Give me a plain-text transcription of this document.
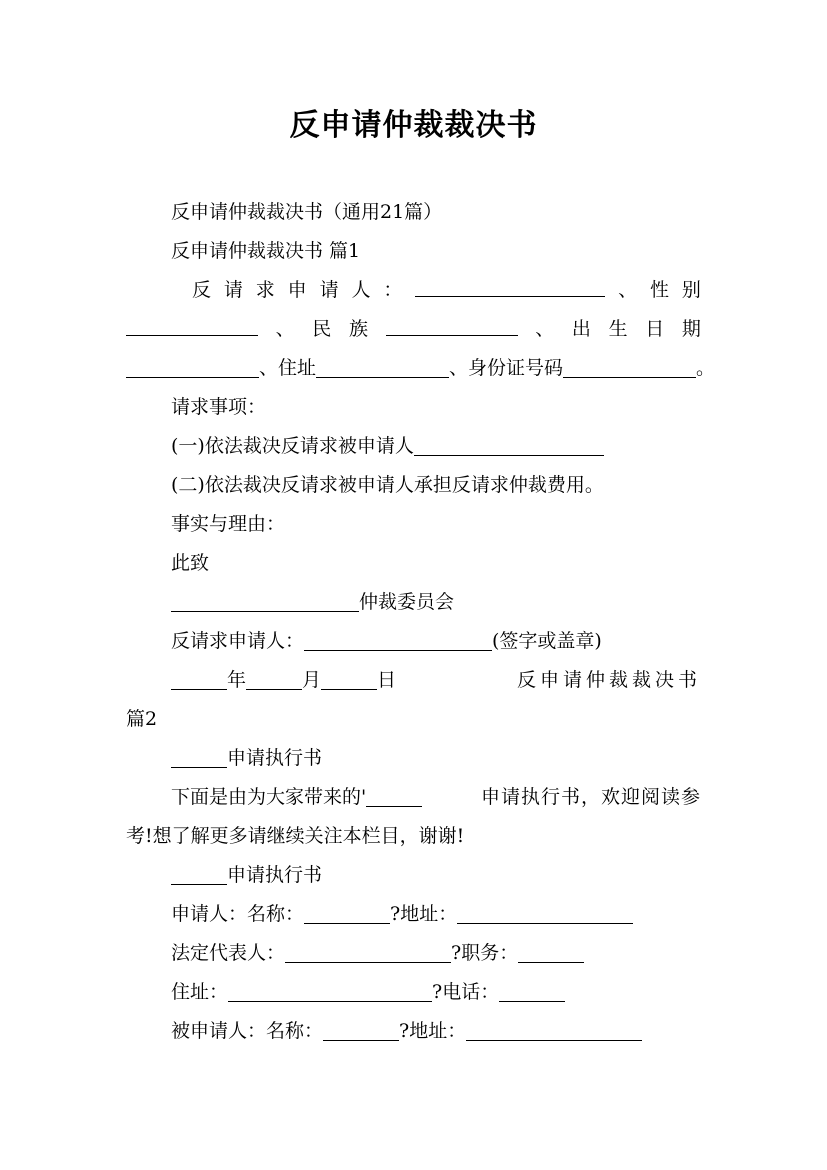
反申请仲裁裁决书
反申请仲裁裁决书（通用21篇）
反申请仲裁裁决书 篇1
反 请 求 申 请 人 ：	、 性 别
、 民 族	、 出 生 日 期
、住址	、身份证号码	。
请求事项：
(一)依法裁决反请求被申请人
(二)依法裁决反请求被申请人承担反请求仲裁费用。
事实与理由：
此致
仲裁委员会
反请求申请人：	(签字或盖章)
年	月	日	反申请仲裁裁决书
篇2
申请执行书
下面是由为大家带来的'	申请执行书，欢迎阅读参
考!想了解更多请继续关注本栏目，谢谢!
申请执行书
申请人：名称：	?地址：
法定代表人：	?职务：
住址：	?电话：
被申请人：名称：	?地址：
